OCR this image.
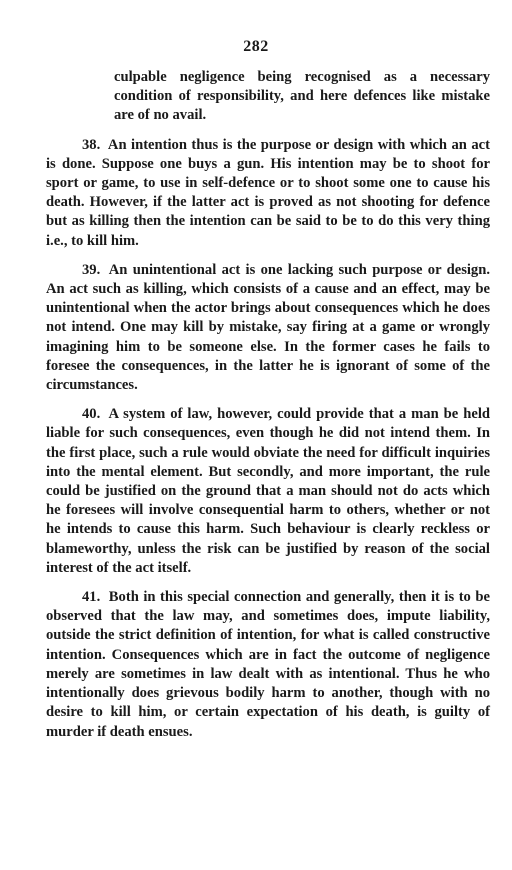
282

culpable negligence being recognised as a necessary condition of responsibility, and here defences like mistake are of no avail.

38. An intention thus is the purpose or design with which an act is done. Suppose one buys a gun. His intention may be to shoot for sport or game, to use in self-defence or to shoot some one to cause his death. However, if the latter act is proved as not shooting for defence but as killing then the intention can be said to be to do this very thing i.e., to kill him.

39. An unintentional act is one lacking such purpose or design. An act such as killing, which consists of a cause and an effect, may be unintentional when the actor brings about consequences which he does not intend. One may kill by mistake, say firing at a game or wrongly imagining him to be someone else. In the former cases he fails to foresee the consequences, in the latter he is ignorant of some of the circumstances.

40. A system of law, however, could provide that a man be held liable for such consequences, even though he did not intend them. In the first place, such a rule would obviate the need for difficult inquiries into the mental element. But secondly, and more important, the rule could be justified on the ground that a man should not do acts which he foresees will involve consequential harm to others, whether or not he intends to cause this harm. Such behaviour is clearly reckless or blameworthy, unless the risk can be justified by reason of the social interest of the act itself.

41. Both in this special connection and generally, then it is to be observed that the law may, and sometimes does, impute liability, outside the strict definition of intention, for what is called constructive intention. Consequences which are in fact the outcome of negligence merely are sometimes in law dealt with as intentional. Thus he who intentionally does grievous bodily harm to another, though with no desire to kill him, or certain expectation of his death, is guilty of murder if death ensues.
